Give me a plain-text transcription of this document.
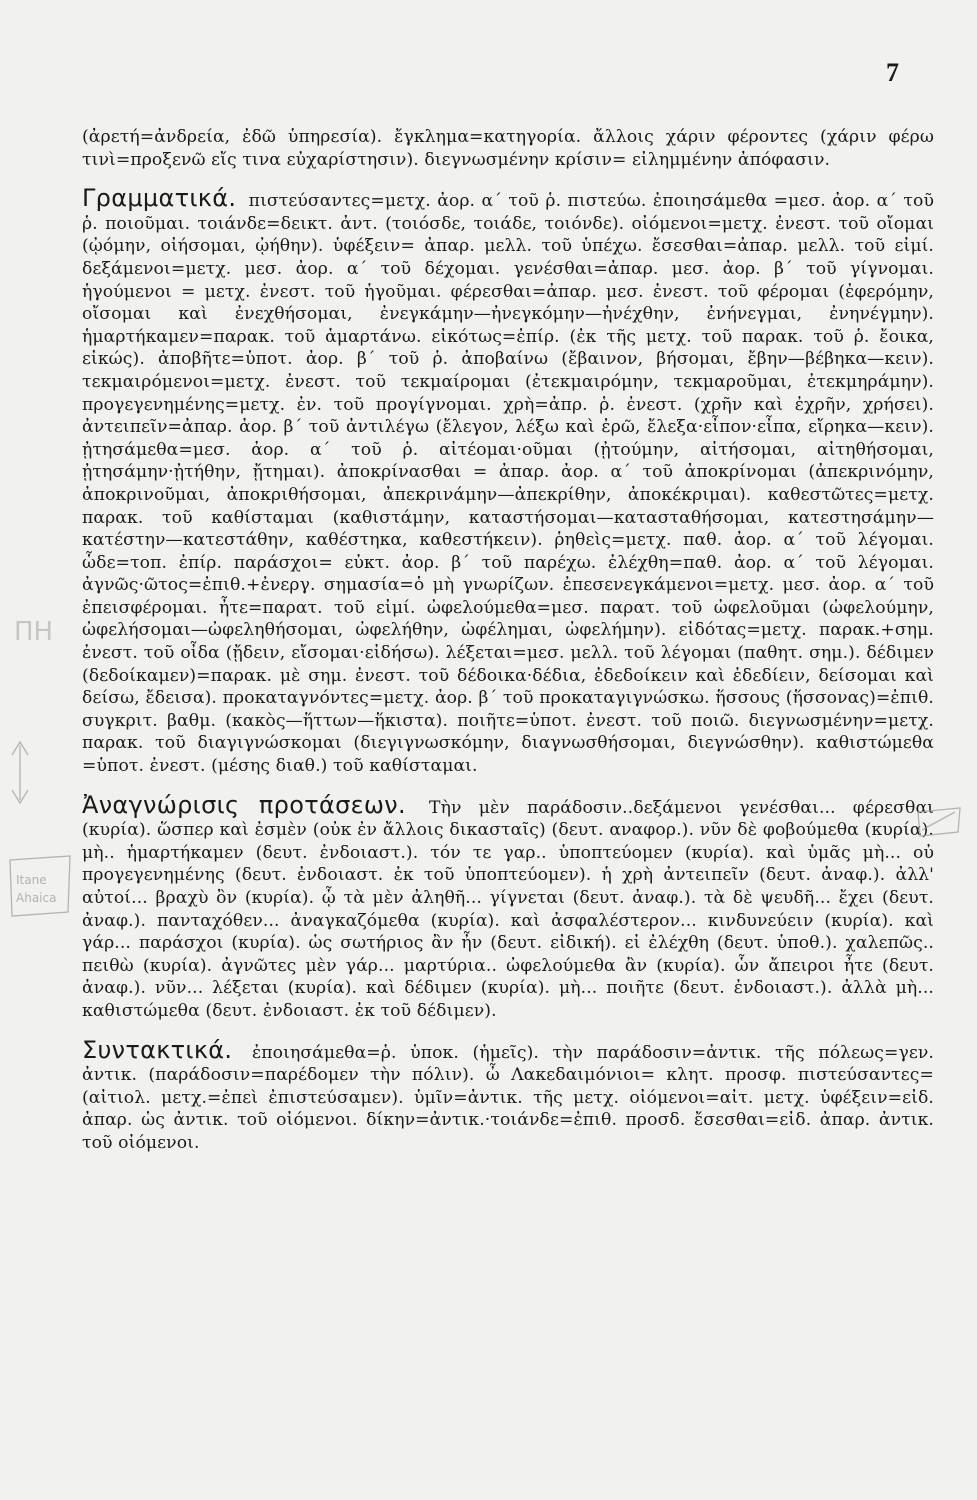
7

(ἀρετή=ἀνδρεία, ἐδῶ ὑπηρεσία). ἔγκλημα=κατηγορία. ἄλλοις χάριν φέροντες (χάριν φέρω τινὶ=προξενῶ εἴς τινα εὐχαρίστησιν). διεγνωσμένην κρίσιν= εἰλημμένην ἀπόφασιν.

Γραμματικά. πιστεύσαντες=μετχ. ἀορ. α΄ τοῦ ῥ. πιστεύω. ἐποιησάμεθα =μεσ. ἀορ. α΄ τοῦ ῥ. ποιοῦμαι. τοιάνδε=δεικτ. ἀντ. (τοιόσδε, τοιάδε, τοιόνδε). οἰόμενοι=μετχ. ἐνεστ. τοῦ οἴομαι (ᾠόμην, οἰήσομαι, ᾠήθην). ὑφέξειν= ἀπαρ. μελλ. τοῦ ὑπέχω. ἔσεσθαι=ἀπαρ. μελλ. τοῦ εἰμί. δεξάμενοι=μετχ. μεσ. ἀορ. α΄ τοῦ δέχομαι. γενέσθαι=ἀπαρ. μεσ. ἀορ. β΄ τοῦ γίγνομαι. ἡγούμενοι = μετχ. ἐνεστ. τοῦ ἡγοῦμαι. φέρεσθαι=ἀπαρ. μεσ. ἐνεστ. τοῦ φέρομαι (ἐφερόμην, οἴσομαι καὶ ἐνεχθήσομαι, ἐνεγκάμην—ἠνεγκόμην—ἠνέχθην, ἐνήνεγμαι, ἐνηνέγμην). ἡμαρτήκαμεν=παρακ. τοῦ ἁμαρτάνω. εἰκότως=ἐπίρ. (ἐκ τῆς μετχ. τοῦ παρακ. τοῦ ῥ. ἔοικα, εἰκώς). ἀποβῆτε=ὑποτ. ἀορ. β΄ τοῦ ῥ. ἀποβαίνω (ἔβαινον, βήσομαι, ἔβην—βέβηκα—κειν). τεκμαιρόμενοι=μετχ. ἐνεστ. τοῦ τεκμαίρομαι (ἐτεκμαιρόμην, τεκμαροῦμαι, ἐτεκμηράμην). προγεγενημένης=μετχ. ἐν. τοῦ προγίγνομαι. χρὴ=ἀπρ. ῥ. ἐνεστ. (χρῆν καὶ ἐχρῆν, χρήσει). ἀντειπεῖν=ἀπαρ. ἀορ. β΄ τοῦ ἀντιλέγω (ἔλεγον, λέξω καὶ ἐρῶ, ἔλεξα·εἶπον·εἶπα, εἴρηκα—κειν). ᾐτησάμεθα=μεσ. ἀορ. α΄ τοῦ ῥ. αἰτέομαι·οῦμαι (ᾐτούμην, αἰτήσομαι, αἰτηθήσομαι, ᾐτησάμην·ᾐτήθην, ᾔτημαι). ἀποκρίνασθαι = ἀπαρ. ἀορ. α΄ τοῦ ἀποκρίνομαι (ἀπεκρινόμην, ἀποκρινοῦμαι, ἀποκριθήσομαι, ἀπεκρινάμην—ἀπεκρίθην, ἀποκέκριμαι). καθεστῶτες=μετχ. παρακ. τοῦ καθίσταμαι (καθιστάμην, καταστήσομαι—κατασταθήσομαι, κατεστησάμην—κατέστην—κατεστάθην, καθέστηκα, καθεστήκειν). ῥηθεὶς=μετχ. παθ. ἀορ. α΄ τοῦ λέγομαι. ὧδε=τοπ. ἐπίρ. παράσχοι= εὐκτ. ἀορ. β΄ τοῦ παρέχω. ἐλέχθη=παθ. ἀορ. α΄ τοῦ λέγομαι. ἀγνῶς·ῶτος=ἐπιθ.+ἐνεργ. σημασία=ὁ μὴ γνωρίζων. ἐπεσενεγκάμενοι=μετχ. μεσ. ἀορ. α΄ τοῦ ἐπεισφέρομαι. ἦτε=παρατ. τοῦ εἰμί. ὠφελούμεθα=μεσ. παρατ. τοῦ ὠφελοῦμαι (ὠφελούμην, ὠφελήσομαι—ὠφεληθήσομαι, ὠφελήθην, ὠφέλημαι, ὠφελήμην). εἰδότας=μετχ. παρακ.+σημ. ἐνεστ. τοῦ οἶδα (ᾔδειν, εἴσομαι·εἰδήσω). λέξεται=μεσ. μελλ. τοῦ λέγομαι (παθητ. σημ.). δέδιμεν (δεδοίκαμεν)=παρακ. μὲ σημ. ἐνεστ. τοῦ δέδοικα·δέδια, ἐδεδοίκειν καὶ ἐδεδίειν, δείσομαι καὶ δείσω, ἔδεισα). προκαταγνόντες=μετχ. ἀορ. β΄ τοῦ προκαταγιγνώσκω. ἥσσους (ἥσσονας)=ἐπιθ. συγκριτ. βαθμ. (κακὸς—ἥττων—ἥκιστα). ποιῆτε=ὑποτ. ἐνεστ. τοῦ ποιῶ. διεγνωσμένην=μετχ. παρακ. τοῦ διαγιγνώσκομαι (διεγιγνωσκόμην, διαγνωσθήσομαι, διεγνώσθην). καθιστώμεθα =ὑποτ. ἐνεστ. (μέσης διαθ.) τοῦ καθίσταμαι.

Ἀναγνώρισις προτάσεων. Τὴν μὲν παράδοσιν..δεξάμενοι γενέσθαι... φέρεσθαι (κυρία). ὥσπερ καὶ ἐσμὲν (οὐκ ἐν ἄλλοις δικασταῖς) (δευτ. αναφορ.). νῦν δὲ φοβούμεθα (κυρία). μὴ.. ἡμαρτήκαμεν (δευτ. ἐνδοιαστ.). τόν τε γαρ.. ὑποπτεύομεν (κυρία). καὶ ὑμᾶς μὴ... οὐ προγεγενημένης (δευτ. ἐνδοιαστ. ἐκ τοῦ ὑποπτεύομεν). ἡ χρὴ ἀντειπεῖν (δευτ. ἀναφ.). ἀλλ' αὐτοί... βραχὺ ὂν (κυρία). ᾧ τὰ μὲν ἀληθῆ... γίγνεται (δευτ. ἀναφ.). τὰ δὲ ψευδῆ... ἔχει (δευτ. ἀναφ.). πανταχόθεν... ἀναγκαζόμεθα (κυρία). καὶ ἀσφαλέστερον... κινδυνεύειν (κυρία). καὶ γάρ... παράσχοι (κυρία). ὡς σωτήριος ἂν ἦν (δευτ. εἰδική). εἰ ἐλέχθη (δευτ. ὑποθ.). χαλεπῶς.. πειθὼ (κυρία). ἀγνῶτες μὲν γάρ... μαρτύρια.. ὠφελούμεθα ἂν (κυρία). ὧν ἄπειροι ἦτε (δευτ. ἀναφ.). νῦν... λέξεται (κυρία). καὶ δέδιμεν (κυρία). μὴ... ποιῆτε (δευτ. ἐνδοιαστ.). ἀλλὰ μὴ... καθιστώμεθα (δευτ. ἐνδοιαστ. ἐκ τοῦ δέδιμεν).

Συντακτικά. ἐποιησάμεθα=ῥ. ὑποκ. (ἡμεῖς). τὴν παράδοσιν=ἀντικ. τῆς πόλεως=γεν. ἀντικ. (παράδοσιν=παρέδομεν τὴν πόλιν). ὦ Λακεδαιμόνιοι= κλητ. προσφ. πιστεύσαντες=(αἰτιολ. μετχ.=ἐπεὶ ἐπιστεύσαμεν). ὑμῖν=ἀντικ. τῆς μετχ. οἰόμενοι=αἰτ. μετχ. ὑφέξειν=εἰδ. ἀπαρ. ὡς ἀντικ. τοῦ οἰόμενοι. δίκην=ἀντικ.·τοιάνδε=ἐπιθ. προσδ. ἔσεσθαι=εἰδ. ἀπαρ. ἀντικ. τοῦ οἰόμενοι.

ΠΗ
Itane
Ahaica
